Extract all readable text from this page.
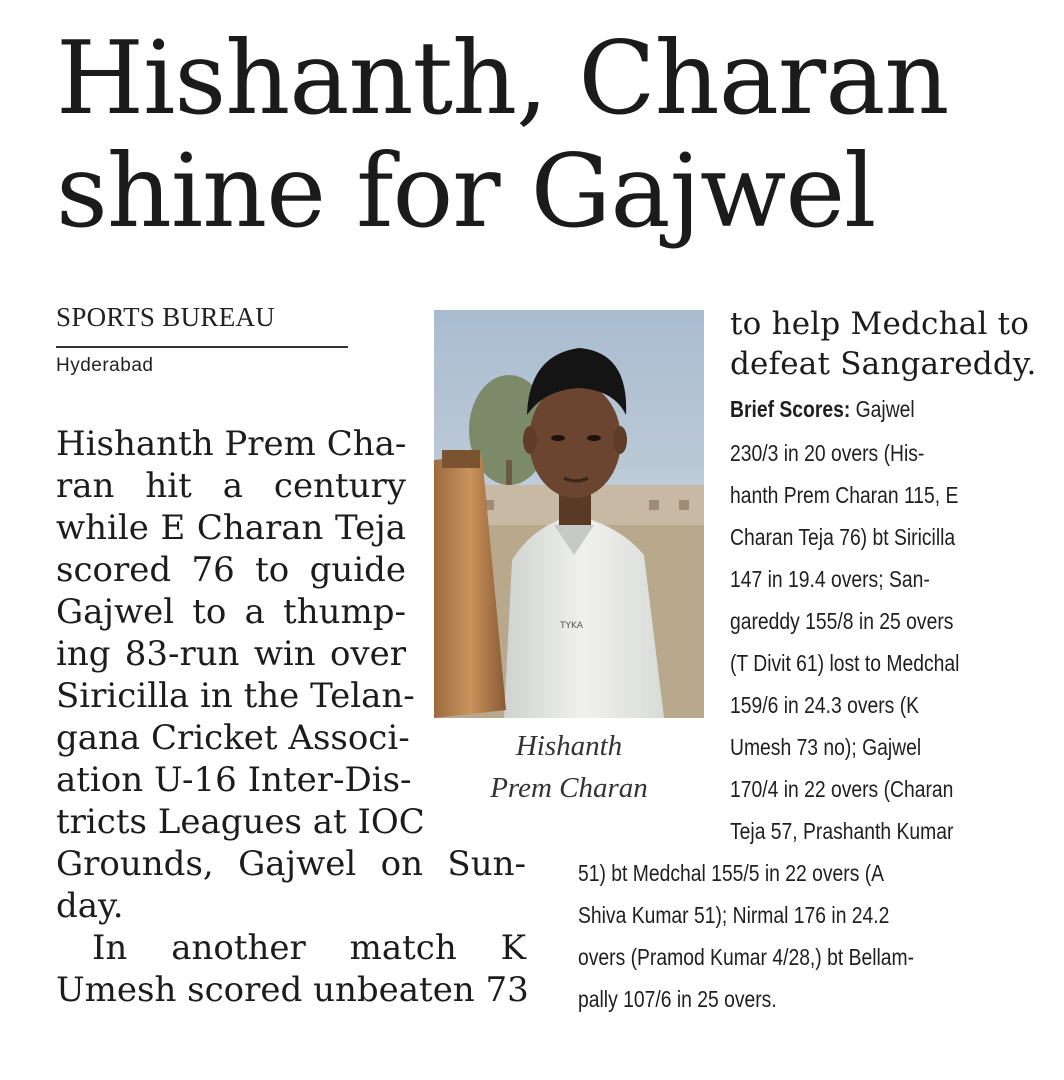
Hishanth, Charan
shine for Gajwel
SPORTS BUREAU
Hyderabad
Hishanth Prem Cha-
ran hit a century
while E Charan Teja
scored 76 to guide
Gajwel to a thump-
ing 83-run win over
Siricilla in the Telan-
gana Cricket Associ-
ation U-16 Inter-Dis-
tricts Leagues at IOC
Grounds, Gajwel on Sun-
day.
In another match K
Umesh scored unbeaten 73
TYKA
Hishanth
Prem Charan
to help Medchal to
defeat Sangareddy.
Brief Scores: Gajwel
230/3 in 20 overs (His-
hanth Prem Charan 115, E
Charan Teja 76) bt Siricilla
147 in 19.4 overs; San-
gareddy 155/8 in 25 overs
(T Divit 61) lost to Medchal
159/6 in 24.3 overs (K
Umesh 73 no); Gajwel
170/4 in 22 overs (Charan
Teja 57, Prashanth Kumar
51) bt Medchal 155/5 in 22 overs (A
Shiva Kumar 51); Nirmal 176 in 24.2
overs (Pramod Kumar 4/28,) bt Bellam-
pally 107/6 in 25 overs.
